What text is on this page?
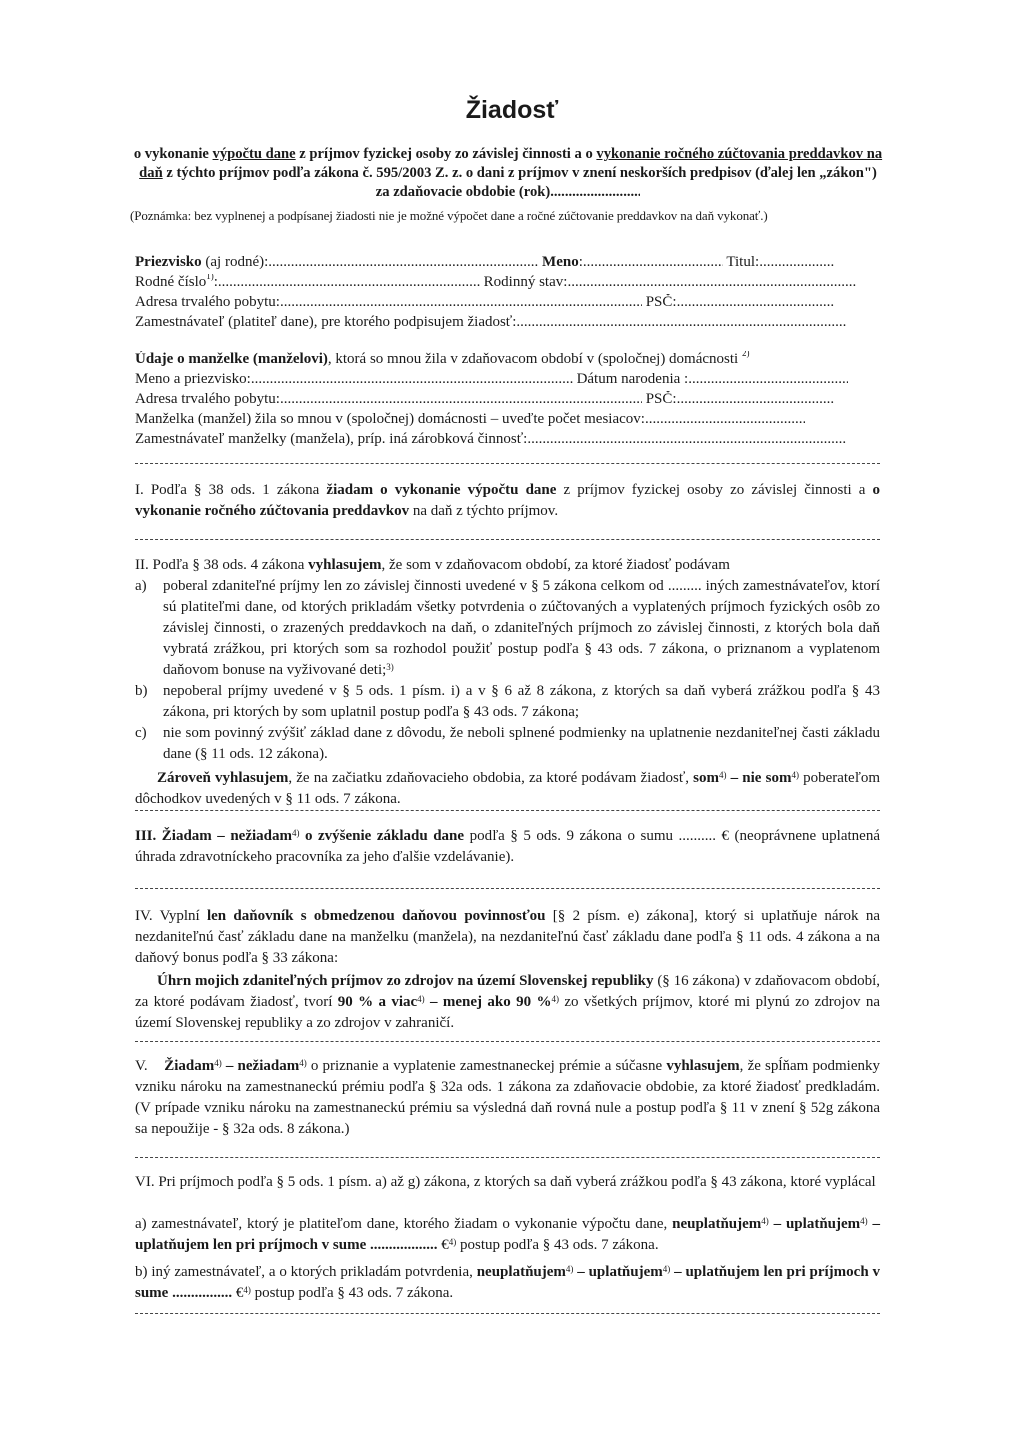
Žiadosť
o vykonanie výpočtu dane z príjmov fyzickej osoby zo závislej činnosti a o vykonanie ročného zúčtovania preddavkov na daň z týchto príjmov podľa zákona č. 595/2003 Z. z. o dani z príjmov v znení neskorších predpisov (ďalej len „zákon") za zdaňovacie obdobie (rok).....
(Poznámka: bez vyplnenej a podpísanej žiadosti nie je možné výpočet dane a ročné zúčtovanie preddavkov na daň vykonať.)
Priezvisko (aj rodné): .....	Meno: .....	Titul:.....
Rodné číslo$^{1)}$: .....	Rodinný stav:.....
Adresa trvalého pobytu: .....	PSČ:.....
Zamestnávateľ (platiteľ dane), pre ktorého podpisujem žiadosť:.....
Údaje o manželke (manželovi), ktorá so mnou žila v zdaňovacom období v (spoločnej) domácnosti $^{2)}$
Meno a priezvisko: .....	Dátum narodenia :.....
Adresa trvalého pobytu: .....	PSČ:.....
Manželka (manžel) žila so mnou v (spoločnej) domácnosti – uveďte počet mesiacov:.....
Zamestnávateľ manželky (manžela), príp. iná zárobková činnosť:.....
I. Podľa § 38 ods. 1 zákona žiadam o vykonanie výpočtu dane z príjmov fyzickej osoby zo závislej činnosti a o vykonanie ročného zúčtovania preddavkov na daň z týchto príjmov.
II. Podľa § 38 ods. 4 zákona vyhlasujem, že som v zdaňovacom období, za ktoré žiadosť podávam
a)	poberal zdaniteľné príjmy len zo závislej činnosti uvedené v § 5 zákona celkom od ......... iných zamestnávateľov, ktorí sú platiteľmi dane, od ktorých prikladám všetky potvrdenia o zúčtovaných a vyplatených príjmoch fyzických osôb zo závislej činnosti, o zrazených preddavkoch na daň, o zdaniteľných príjmoch zo závislej činnosti, z ktorých bola daň vybratá zrážkou, pri ktorých som sa rozhodol použiť postup podľa § 43 ods. 7 zákona, o priznanom a vyplatenom daňovom bonuse na vyživované deti;$^{3)}$
b)	nepoberal príjmy uvedené v § 5 ods. 1 písm. i) a v § 6 až 8 zákona, z ktorých sa daň vyberá zrážkou podľa § 43 zákona, pri ktorých by som uplatnil postup podľa § 43 ods. 7 zákona;
c)	nie som povinný zvýšiť základ dane z dôvodu, že neboli splnené podmienky na uplatnenie nezdaniteľnej časti základu dane (§ 11 ods. 12 zákona).
Zároveň vyhlasujem, že na začiatku zdaňovacieho obdobia, za ktoré podávam žiadosť, som$^{4)}$ – nie som$^{4)}$ poberateľom dôchodkov uvedených v § 11 ods. 7 zákona.
III. Žiadam – nežiadam$^{4)}$ o zvýšenie základu dane podľa § 5 ods. 9 zákona o sumu .......... € (neoprávnene uplatnená úhrada zdravotníckeho pracovníka za jeho ďalšie vzdelávanie).
IV. Vyplní len daňovník s obmedzenou daňovou povinnosťou [§ 2 písm. e) zákona], ktorý si uplatňuje nárok na nezdaniteľnú časť základu dane na manželku (manžela), na nezdaniteľnú časť základu dane podľa § 11 ods. 4 zákona a na daňový bonus podľa § 33 zákona:
Úhrn mojich zdaniteľných príjmov zo zdrojov na území Slovenskej republiky (§ 16 zákona) v zdaňovacom období, za ktoré podávam žiadosť, tvorí 90 % a viac$^{4)}$ – menej ako 90 %$^{4)}$ zo všetkých príjmov, ktoré mi plynú zo zdrojov na území Slovenskej republiky a zo zdrojov v zahraničí.
V. Žiadam$^{4)}$ – nežiadam$^{4)}$ o priznanie a vyplatenie zamestnaneckej prémie a súčasne vyhlasujem, že spĺňam podmienky vzniku nároku na zamestnaneckú prémiu podľa § 32a ods. 1 zákona za zdaňovacie obdobie, za ktoré žiadosť predkladám. (V prípade vzniku nároku na zamestnaneckú prémiu sa výsledná daň rovná nule a postup podľa § 11 v znení § 52g zákona sa nepoužije - § 32a ods. 8 zákona.)
VI. Pri príjmoch podľa § 5 ods. 1 písm. a) až g) zákona, z ktorých sa daň vyberá zrážkou podľa § 43 zákona, ktoré vyplácal
a) zamestnávateľ, ktorý je platiteľom dane, ktorého žiadam o vykonanie výpočtu dane, neuplatňujem$^{4)}$ – uplatňujem$^{4)}$ – uplatňujem len pri príjmoch v sume .................. €$^{4)}$ postup podľa § 43 ods. 7 zákona.
b) iný zamestnávateľ, a o ktorých prikladám potvrdenia, neuplatňujem$^{4)}$ – uplatňujem$^{4)}$ – uplatňujem len pri príjmoch v sume ................ €$^{4)}$ postup podľa § 43 ods. 7 zákona.
